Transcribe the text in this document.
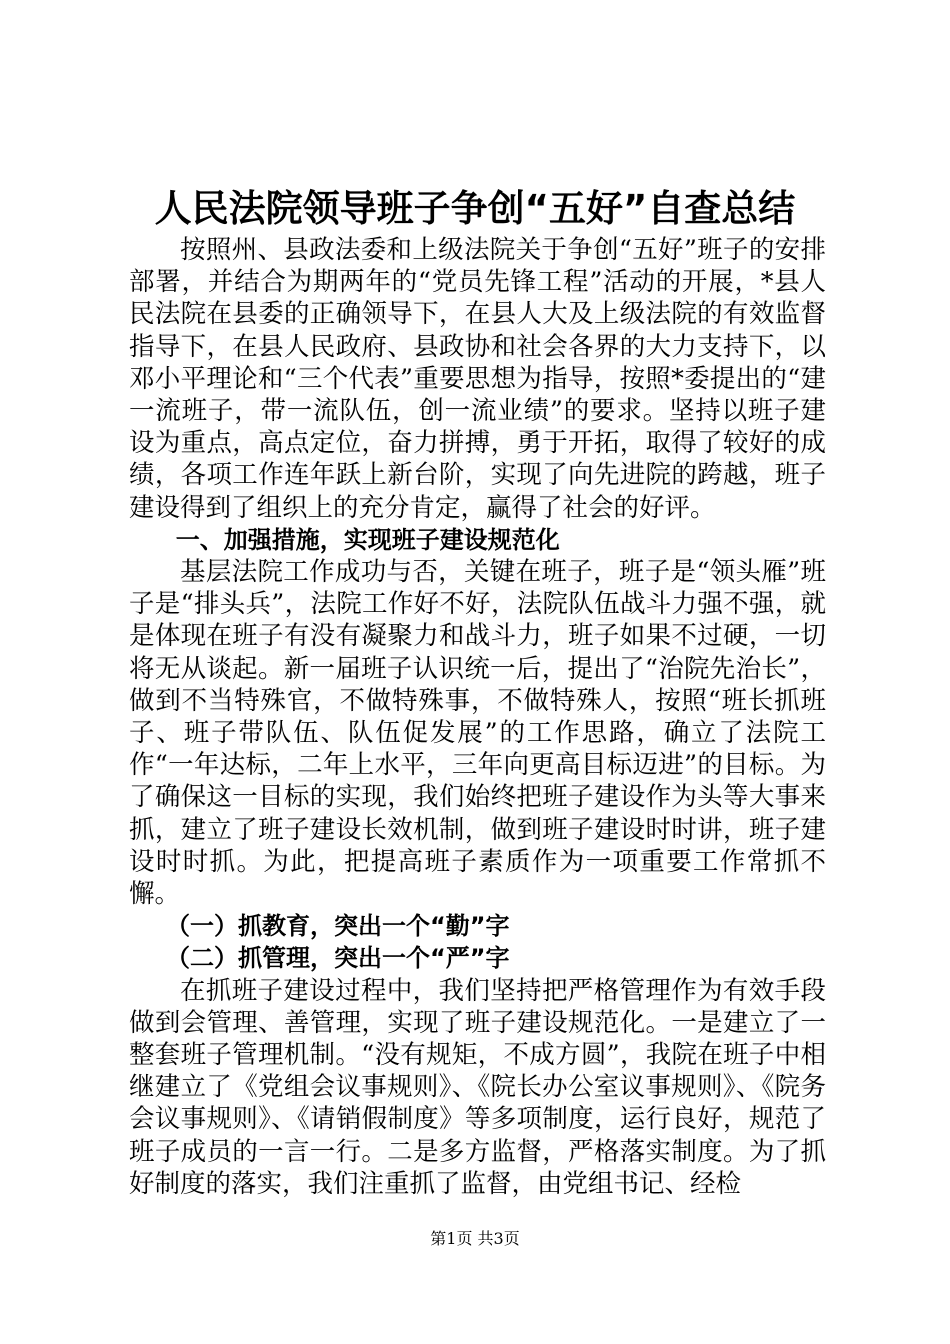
人民法院领导班子争创“五好”自查总结

按照州、县政法委和上级法院关于争创“五好”班子的安排部署，并结合为期两年的“党员先锋工程”活动的开展，*县人民法院在县委的正确领导下，在县人大及上级法院的有效监督指导下，在县人民政府、县政协和社会各界的大力支持下，以邓小平理论和“三个代表”重要思想为指导，按照*委提出的“建一流班子，带一流队伍，创一流业绩”的要求。坚持以班子建设为重点，高点定位，奋力拼搏，勇于开拓，取得了较好的成绩，各项工作连年跃上新台阶，实现了向先进院的跨越，班子建设得到了组织上的充分肯定，赢得了社会的好评。

一、加强措施，实现班子建设规范化

基层法院工作成功与否，关键在班子，班子是“领头雁”班子是“排头兵”，法院工作好不好，法院队伍战斗力强不强，就是体现在班子有没有凝聚力和战斗力，班子如果不过硬，一切将无从谈起。新一届班子认识统一后，提出了“治院先治长”，做到不当特殊官，不做特殊事，不做特殊人，按照“班长抓班子、班子带队伍、队伍促发展”的工作思路，确立了法院工作“一年达标，二年上水平，三年向更高目标迈进”的目标。为了确保这一目标的实现，我们始终把班子建设作为头等大事来抓，建立了班子建设长效机制，做到班子建设时时讲，班子建设时时抓。为此，把提高班子素质作为一项重要工作常抓不懈。

（一）抓教育，突出一个“勤”字

（二）抓管理，突出一个“严”字

在抓班子建设过程中，我们坚持把严格管理作为有效手段做到会管理、善管理，实现了班子建设规范化。一是建立了一整套班子管理机制。“没有规矩，不成方圆”，我院在班子中相继建立了《党组会议事规则》、《院长办公室议事规则》、《院务会议事规则》、《请销假制度》等多项制度，运行良好，规范了班子成员的一言一行。二是多方监督，严格落实制度。为了抓好制度的落实，我们注重抓了监督，由党组书记、经检

第1页 共3页
